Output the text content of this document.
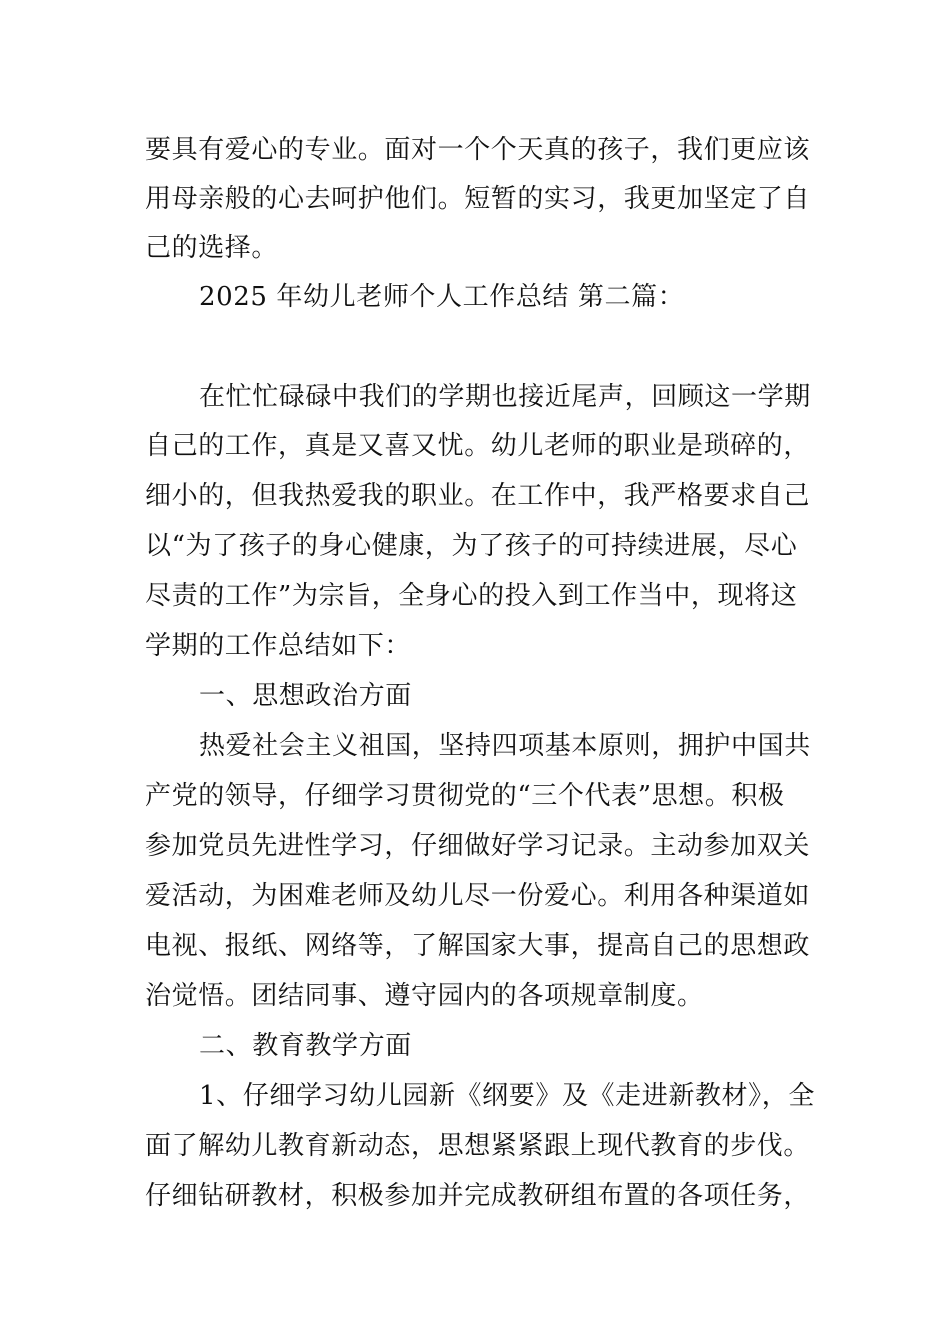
要具有爱心的专业。面对一个个天真的孩子，我们更应该
用母亲般的心去呵护他们。短暂的实习，我更加坚定了自
己的选择。
2025 年幼儿老师个人工作总结 第二篇：
在忙忙碌碌中我们的学期也接近尾声，回顾这一学期
自己的工作，真是又喜又忧。幼儿老师的职业是琐碎的，
细小的，但我热爱我的职业。在工作中，我严格要求自己
以“为了孩子的身心健康，为了孩子的可持续进展，尽心
尽责的工作”为宗旨，全身心的投入到工作当中，现将这
学期的工作总结如下：
一、思想政治方面
热爱社会主义祖国，坚持四项基本原则，拥护中国共
产党的领导，仔细学习贯彻党的“三个代表”思想。积极
参加党员先进性学习，仔细做好学习记录。主动参加双关
爱活动，为困难老师及幼儿尽一份爱心。利用各种渠道如
电视、报纸、网络等，了解国家大事，提高自己的思想政
治觉悟。团结同事、遵守园内的各项规章制度。
二、教育教学方面
1、仔细学习幼儿园新《纲要》及《走进新教材》，全
面了解幼儿教育新动态，思想紧紧跟上现代教育的步伐。
仔细钻研教材，积极参加并完成教研组布置的各项任务，
